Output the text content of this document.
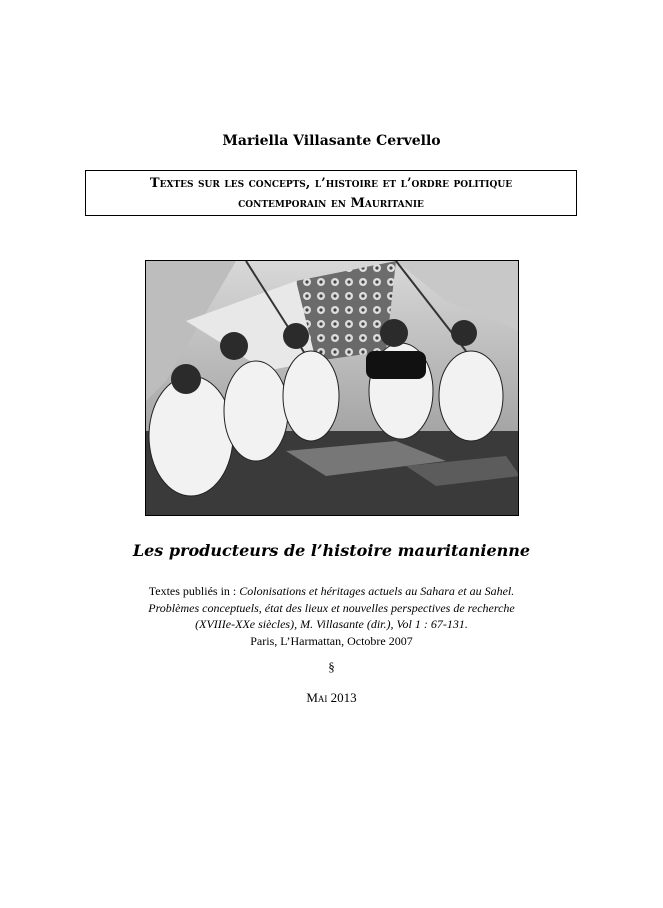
Mariella Villasante Cervello
Textes sur les concepts, l’histoire et l’ordre politique
contemporain en Mauritanie
Les producteurs de l’histoire mauritanienne
Textes publiés in : Colonisations et héritages actuels au Sahara et au Sahel.
Problèmes conceptuels, état des lieux et nouvelles perspectives de recherche
(XVIIIe-XXe siècles), M. Villasante (dir.), Vol 1 : 67-131.
Paris, L’Harmattan, Octobre 2007
§
Mai 2013
